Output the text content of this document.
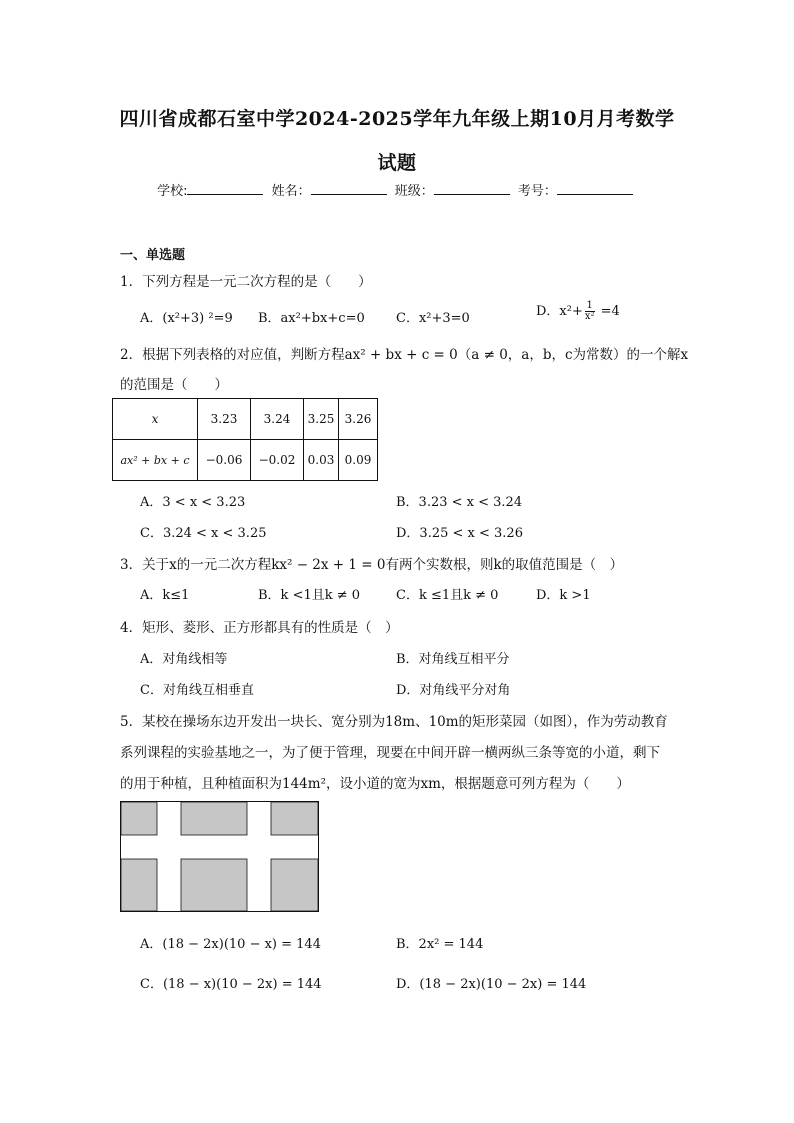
四川省成都石室中学2024-2025学年九年级上期10月月考数学
试题
学校:	姓名：	班级：	考号：
一、单选题
1．下列方程是一元二次方程的是（　　）
A．(x²+3) ²=9 B．ax²+bx+c=0 C．x²+3=0	D．$x^2+ \frac{1}{\text{x²}} =4$
2．根据下列表格的对应值，判断方程ax² + bx + c = 0（a ≠ 0，a，b，c为常数）的一个解x
的范围是（　　）
x	3.23	3.24	3.25	3.26
ax² + bx + c	−0.06	−0.02	0.03	0.09
A．3 < x < 3.23	B．3.23 < x < 3.24
C．3.24 < x < 3.25	D．3.25 < x < 3.26
3．关于x的一元二次方程kx² − 2x + 1 = 0有两个实数根，则k的取值范围是（　）
A．k≤1	B．k <1且k ≠ 0	C．k ≤1且k ≠ 0	D．k >1
4．矩形、菱形、正方形都具有的性质是（　）
A．对角线相等	B．对角线互相平分
C．对角线互相垂直	D．对角线平分对角
5．某校在操场东边开发出一块长、宽分别为18m、10m的矩形菜园（如图），作为劳动教育
系列课程的实验基地之一，为了便于管理，现要在中间开辟一横两纵三条等宽的小道，剩下
的用于种植，且种植面积为144m²，设小道的宽为xm，根据题意可列方程为（　　）
A．(18 − 2x)(10 − x) = 144	B．2x² = 144
C．(18 − x)(10 − 2x) = 144	D．(18 − 2x)(10 − 2x) = 144
